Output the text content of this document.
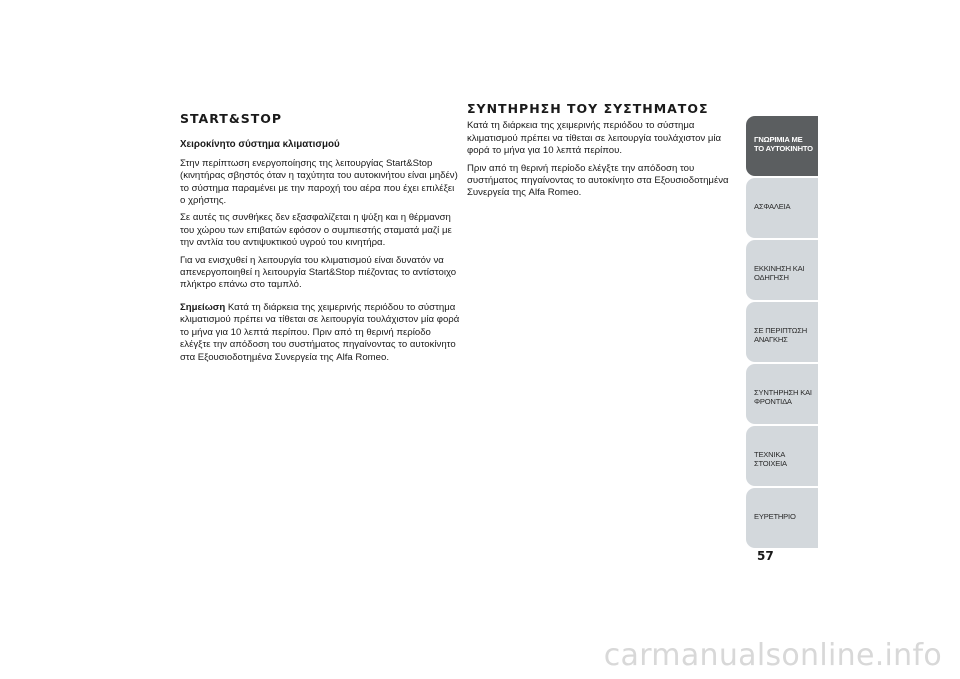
START&STOP
Χειροκίνητο σύστημα κλιματισμού

Στην περίπτωση ενεργοποίησης της λειτουργίας Start&Stop (κινητήρας σβηστός όταν η ταχύτητα του αυτοκινήτου είναι μηδέν) το σύστημα παραμένει με την παροχή του αέρα που έχει επιλέξει ο χρήστης.

Σε αυτές τις συνθήκες δεν εξασφαλίζεται η ψύξη και η θέρμανση του χώρου των επιβατών εφόσον ο συμπιεστής σταματά μαζί με την αντλία του αντιψυκτικού υγρού του κινητήρα.

Για να ενισχυθεί η λειτουργία του κλιματισμού είναι δυνατόν να απενεργοποιηθεί η λειτουργία Start&Stop πιέζοντας το αντίστοιχο πλήκτρο επάνω στο ταμπλό.

Σημείωση Κατά τη διάρκεια της χειμερινής περιόδου το σύστημα κλιματισμού πρέπει να τίθεται σε λειτουργία τουλάχιστον μία φορά το μήνα για 10 λεπτά περίπου. Πριν από τη θερινή περίοδο ελέγξτε την απόδοση του συστήματος πηγαίνοντας το αυτοκίνητο στα Εξουσιοδοτημένα Συνεργεία της Alfa Romeo.

ΣΥΝΤΗΡΗΣΗ ΤΟΥ ΣΥΣΤΗΜΑΤΟΣ

Κατά τη διάρκεια της χειμερινής περιόδου το σύστημα κλιματισμού πρέπει να τίθεται σε λειτουργία τουλάχιστον μία φορά το μήνα για 10 λεπτά περίπου.

Πριν από τη θερινή περίοδο ελέγξτε την απόδοση του συστήματος πηγαίνοντας το αυτοκίνητο στα Εξουσιοδοτημένα Συνεργεία της Alfa Romeo.

ΓΝΩΡΙΜΙΑ ΜΕ ΤΟ ΑΥΤΟΚΙΝΗΤΟ
ΑΣΦΑΛΕΙΑ
ΕΚΚΙΝΗΣΗ ΚΑΙ ΟΔΗΓΗΣΗ
ΣΕ ΠΕΡΙΠΤΩΣΗ ΑΝΑΓΚΗΣ
ΣΥΝΤΗΡΗΣΗ ΚΑΙ ΦΡΟΝΤΙΔΑ
ΤΕΧΝΙΚΑ ΣΤΟΙΧΕΙΑ
ΕΥΡΕΤΗΡΙΟ
57
carmanualsonline.info
